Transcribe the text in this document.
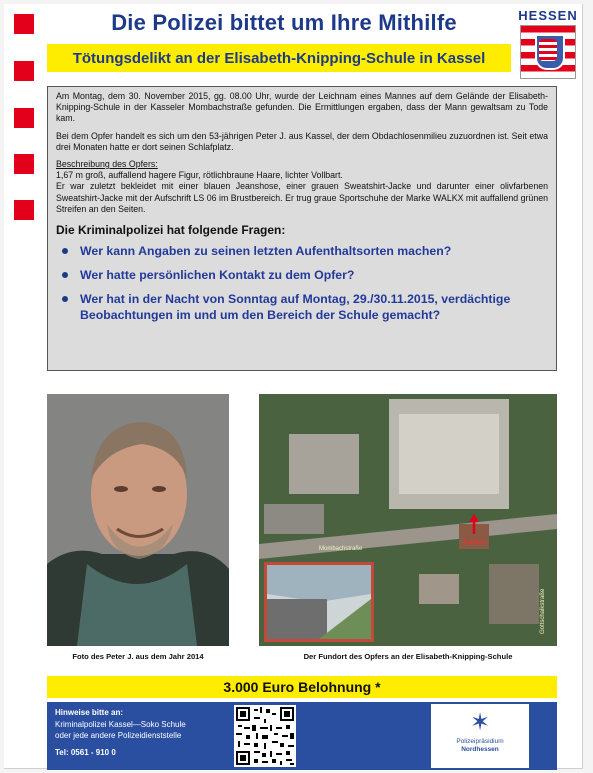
Die Polizei bittet um Ihre Mithilfe
Tötungsdelikt an der Elisabeth-Knipping-Schule in Kassel
HESSEN

Am Montag, dem 30. November 2015, gg. 08.00 Uhr, wurde der Leichnam eines Mannes auf dem Gelände der Elisabeth-Knipping-Schule in der Kasseler Mombachstraße gefunden. Die Ermittlungen ergaben, dass der Mann gewaltsam zu Tode kam.

Bei dem Opfer handelt es sich um den 53-jährigen Peter J. aus Kassel, der dem Obdachlosenmilieu zuzuordnen ist. Seit etwa drei Monaten hatte er dort seinen Schlafplatz.

Beschreibung des Opfers:
1,67 m groß, auffallend hagere Figur, rötlichbraune Haare, lichter Vollbart.
Er war zuletzt bekleidet mit einer blauen Jeanshose, einer grauen Sweatshirt-Jacke und darunter einer olivfarbenen Sweatshirt-Jacke mit der Aufschrift LS 06 im Brustbereich. Er trug graue Sportschuhe der Marke WALKX mit auffallend grünen Streifen an den Seiten.
Die Kriminalpolizei hat folgende Fragen:
Wer kann Angaben zu seinen letzten Aufenthaltsorten machen?
Wer hatte persönlichen Kontakt zu dem Opfer?
Wer hat in der Nacht von Sonntag auf Montag, 29./30.11.2015, verdächtige Beobachtungen im und um den Bereich der Schule gemacht?
Fundort
Mombachstraße
Gottschalkstraße
Foto des Peter J. aus dem Jahr 2014	Der Fundort des Opfers an der Elisabeth-Knipping-Schule
3.000 Euro Belohnung *
Hinweise bitte an:
Kriminalpolizei Kassel—Soko Schule
oder jede andere Polizeidienststelle
Tel: 0561 - 910 0
✶
Polizeipräsidium
Nordhessen
